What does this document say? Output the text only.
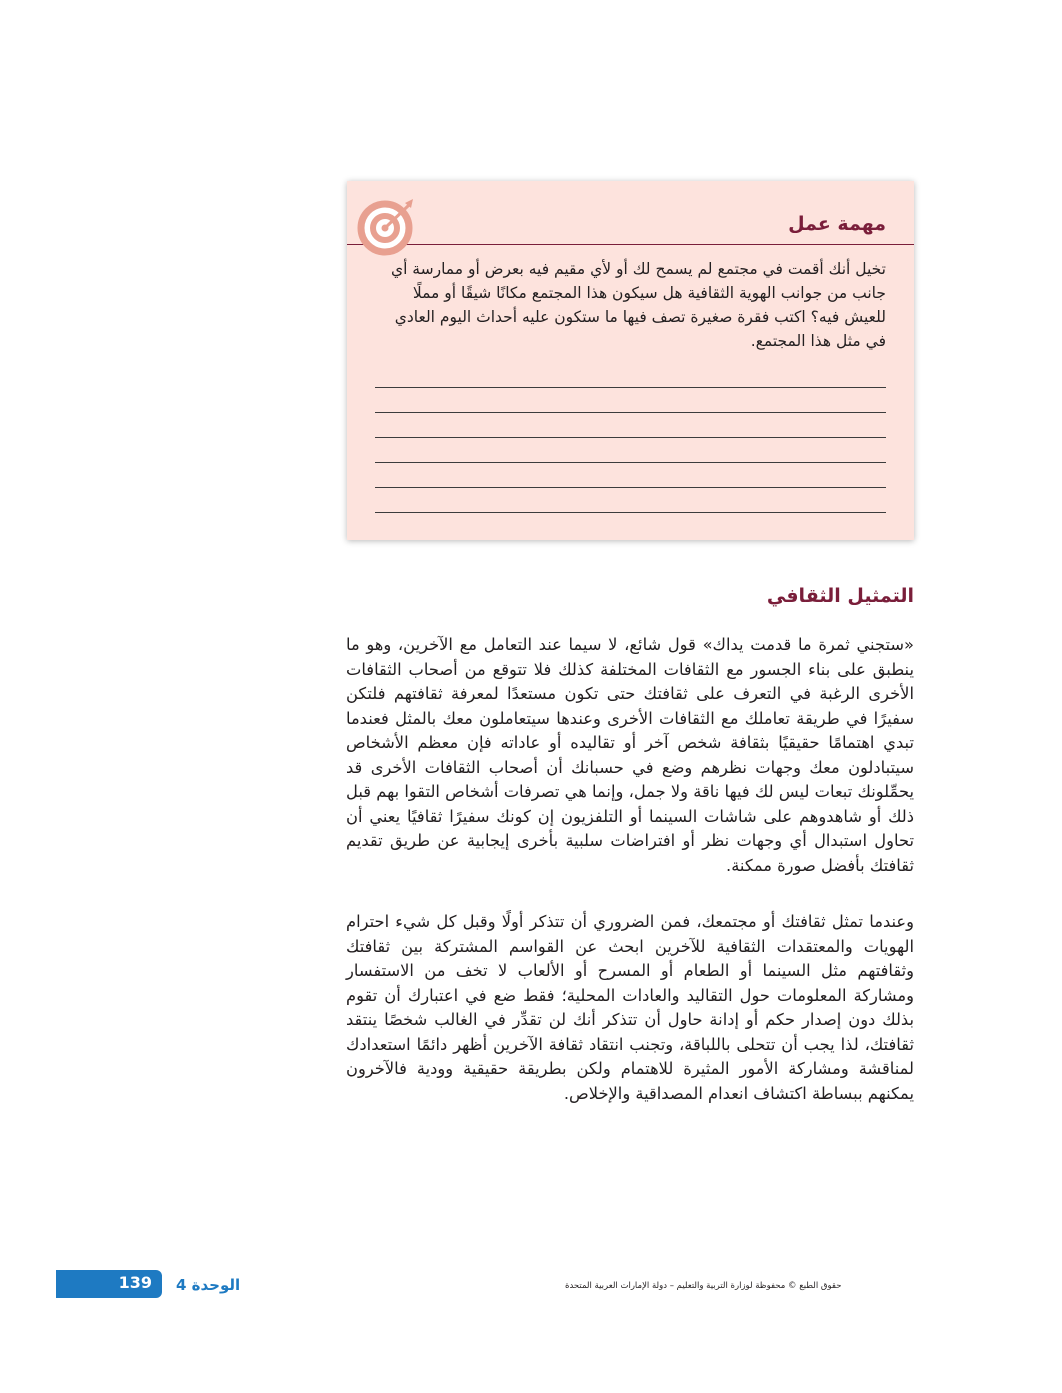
مهمة عمل

تخيل أنك أقمت في مجتمع لم يسمح لك أو لأي مقيم فيه بعرض أو ممارسة أي جانب من جوانب الهوية الثقافية هل سيكون هذا المجتمع مكانًا شيقًا أو مملًا للعيش فيه؟ اكتب فقرة صغيرة تصف فيها ما ستكون عليه أحداث اليوم العادي في مثل هذا المجتمع.

التمثيل الثقافي

«ستجني ثمرة ما قدمت يداك» قول شائع، لا سيما عند التعامل مع الآخرين، وهو ما ينطبق على بناء الجسور مع الثقافات المختلفة كذلك فلا تتوقع من أصحاب الثقافات الأخرى الرغبة في التعرف على ثقافتك حتى تكون مستعدًا لمعرفة ثقافتهم فلتكن سفيرًا في طريقة تعاملك مع الثقافات الأخرى وعندها سيتعاملون معك بالمثل فعندما تبدي اهتمامًا حقيقيًا بثقافة شخص آخر أو تقاليده أو عاداته فإن معظم الأشخاص سيتبادلون معك وجهات نظرهم وضع في حسبانك أن أصحاب الثقافات الأخرى قد يحمِّلونك تبعات ليس لك فيها ناقة ولا جمل، وإنما هي تصرفات أشخاص التقوا بهم قبل ذلك أو شاهدوهم على شاشات السينما أو التلفزيون إن كونك سفيرًا ثقافيًا يعني أن تحاول استبدال أي وجهات نظر أو افتراضات سلبية بأخرى إيجابية عن طريق تقديم ثقافتك بأفضل صورة ممكنة.

وعندما تمثل ثقافتك أو مجتمعك، فمن الضروري أن تتذكر أولًا وقبل كل شيء احترام الهويات والمعتقدات الثقافية للآخرين ابحث عن القواسم المشتركة بين ثقافتك وثقافتهم مثل السينما أو الطعام أو المسرح أو الألعاب لا تخف من الاستفسار ومشاركة المعلومات حول التقاليد والعادات المحلية؛ فقط ضع في اعتبارك أن تقوم بذلك دون إصدار حكم أو إدانة حاول أن تتذكر أنك لن تقدِّر في الغالب شخصًا ينتقد ثقافتك، لذا يجب أن تتحلى باللباقة، وتجنب انتقاد ثقافة الآخرين أظهر دائمًا استعدادك لمناقشة ومشاركة الأمور المثيرة للاهتمام ولكن بطريقة حقيقية وودية فالآخرون يمكنهم ببساطة اكتشاف انعدام المصداقية والإخلاص.

139 الوحدة 4	حقوق الطبع © محفوظة لوزارة التربية والتعليم – دولة الإمارات العربية المتحدة
